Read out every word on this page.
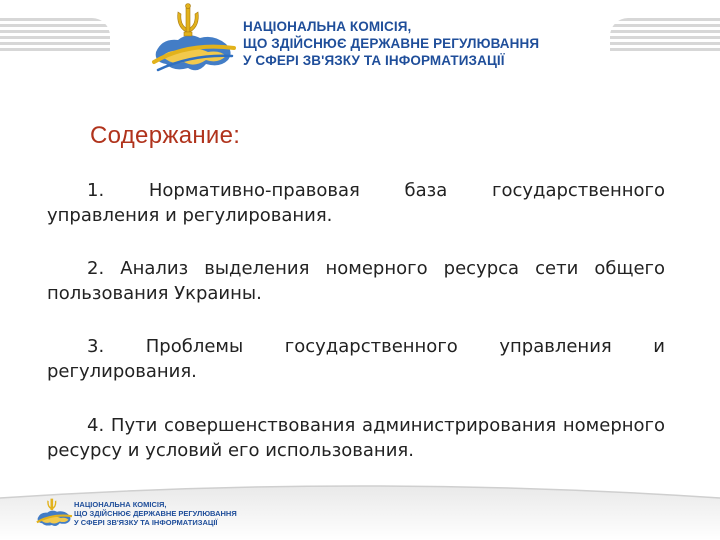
НАЦІОНАЛЬНА КОМІСІЯ,
ЩО ЗДІЙСНЮЄ ДЕРЖАВНЕ РЕГУЛЮВАННЯ
У СФЕРІ ЗВ'ЯЗКУ ТА ІНФОРМАТИЗАЦІЇ
Содержание:

1. Нормативно-правовая база государственного управления и регулирования.

2. Анализ выделения номерного ресурса сети общего пользования Украины.

3. Проблемы государственного управления и регулирования.

4. Пути совершенствования администрирования номерного ресурсу и условий его использования.

НАЦІОНАЛЬНА КОМІСІЯ,
ЩО ЗДІЙСНЮЄ ДЕРЖАВНЕ РЕГУЛЮВАННЯ
У СФЕРІ ЗВ'ЯЗКУ ТА ІНФОРМАТИЗАЦІЇ
